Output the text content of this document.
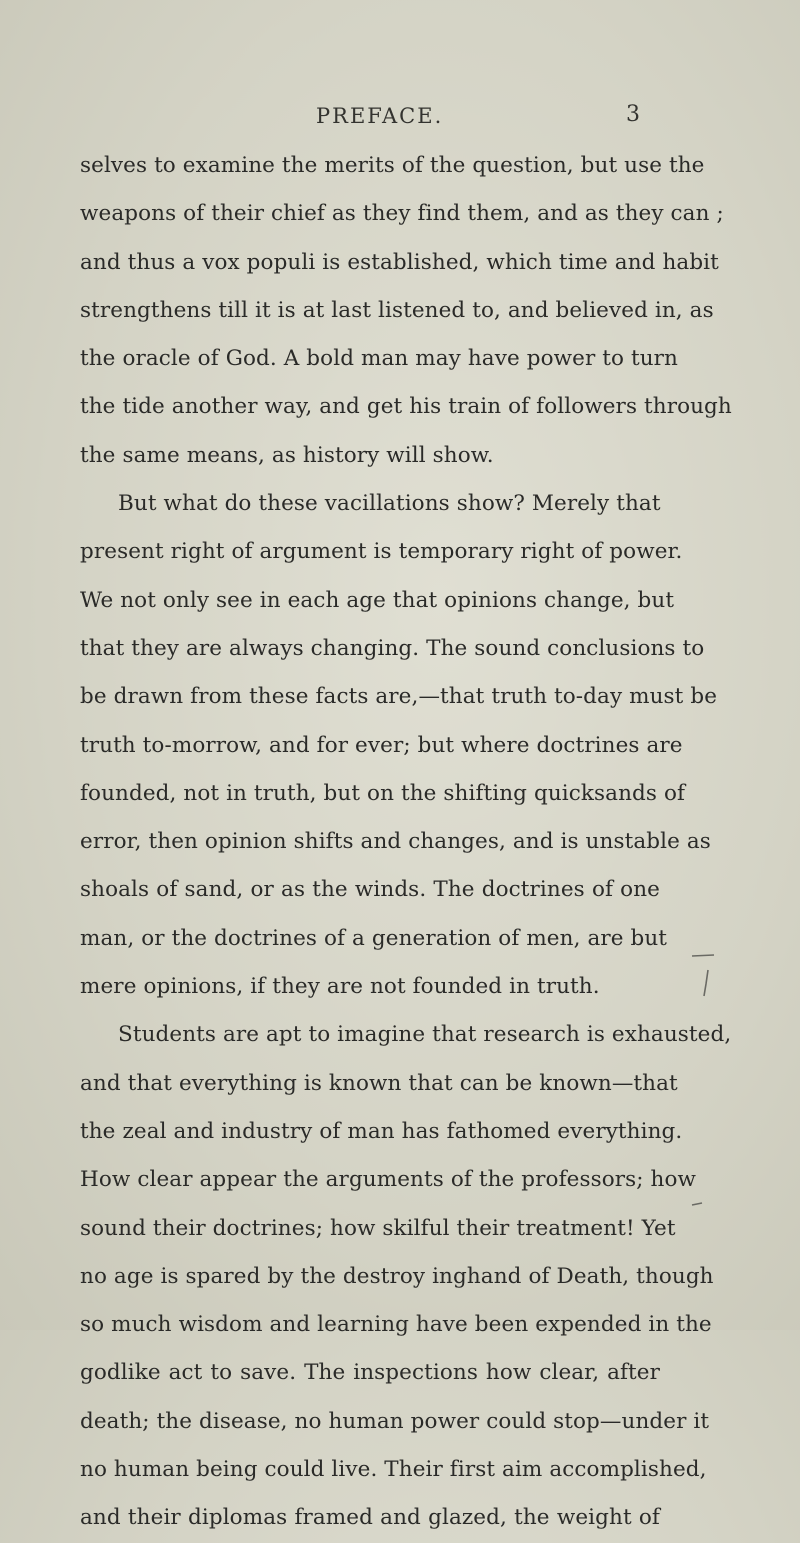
PREFACE.	3
selves to examine the merits of the question, but use the
weapons of their chief as they find them, and as they can ;
and thus a vox populi is established, which time and habit
strengthens till it is at last listened to, and believed in, as
the oracle of God. A bold man may have power to turn
the tide another way, and get his train of followers through
the same means, as history will show.
But what do these vacillations show? Merely that
present right of argument is temporary right of power.
We not only see in each age that opinions change, but
that they are always changing. The sound conclusions to
be drawn from these facts are,—that truth to-day must be
truth to-morrow, and for ever; but where doctrines are
founded, not in truth, but on the shifting quicksands of
error, then opinion shifts and changes, and is unstable as
shoals of sand, or as the winds. The doctrines of one
man, or the doctrines of a generation of men, are but
mere opinions, if they are not founded in truth.
Students are apt to imagine that research is exhausted,
and that everything is known that can be known—that
the zeal and industry of man has fathomed everything.
How clear appear the arguments of the professors; how
sound their doctrines; how skilful their treatment! Yet
no age is spared by the destroy inghand of Death, though
so much wisdom and learning have been expended in the
godlike act to save. The inspections how clear, after
death; the disease, no human power could stop—under it
no human being could live. Their first aim accomplished,
and their diplomas framed and glazed, the weight of
